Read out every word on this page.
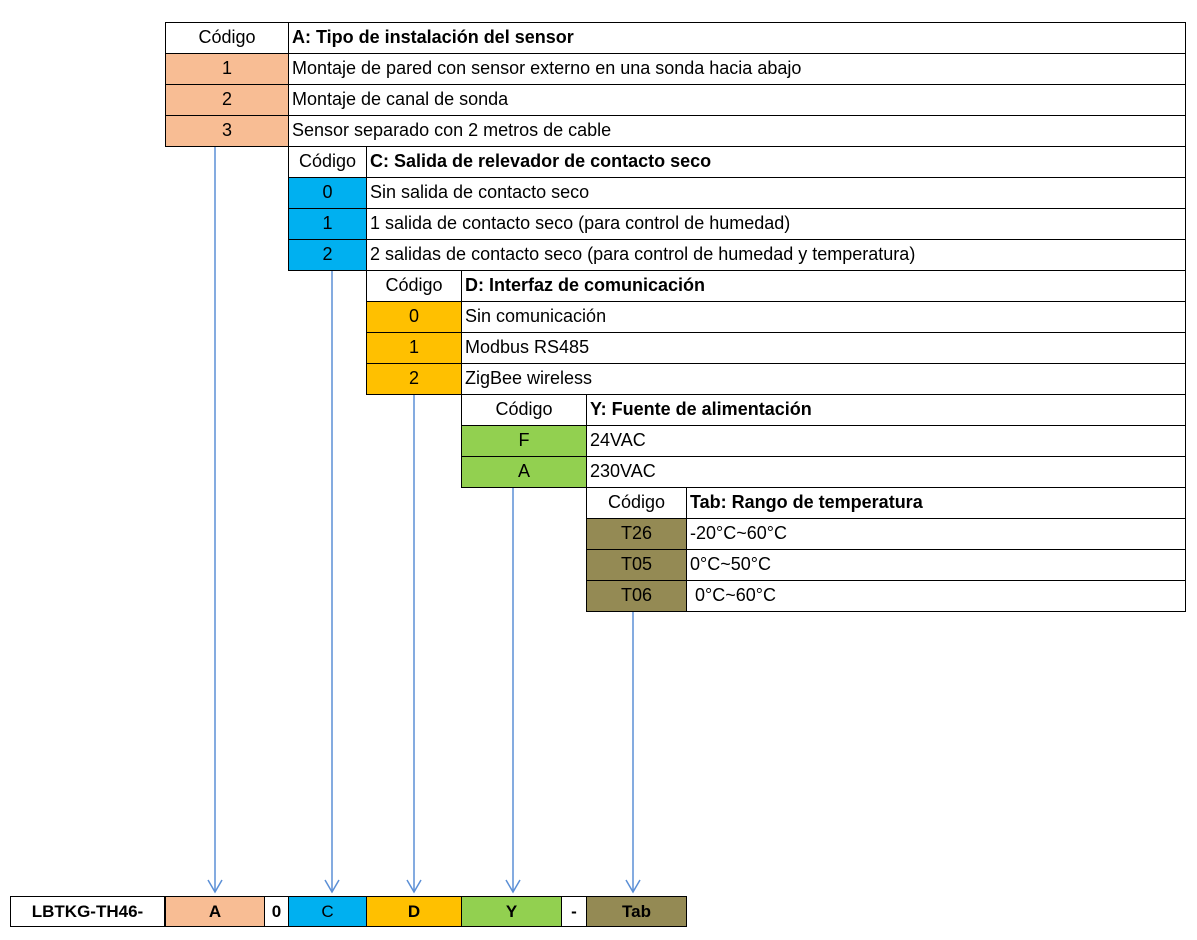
Código	A: Tipo de instalación del sensor
1	Montaje de pared con sensor externo en una sonda hacia abajo
2	Montaje de canal de sonda
3	Sensor separado con 2 metros de cable
Código C: Salida de relevador de contacto seco
0	Sin salida de contacto seco
1	1 salida de contacto seco (para control de humedad)
2	2 salidas de contacto seco (para control de humedad y temperatura)
Código	D: Interfaz de comunicación
0	Sin comunicación
1	Modbus RS485
2	ZigBee wireless
Código	Y: Fuente de alimentación
F	24VAC
A	230VAC
Código	Tab: Rango de temperatura
T26	-20°C~60°C
T05	0°C~50°C
T06	0°C~60°C
LBTKG-TH46-	A	0	C	D	Y	-	Tab
